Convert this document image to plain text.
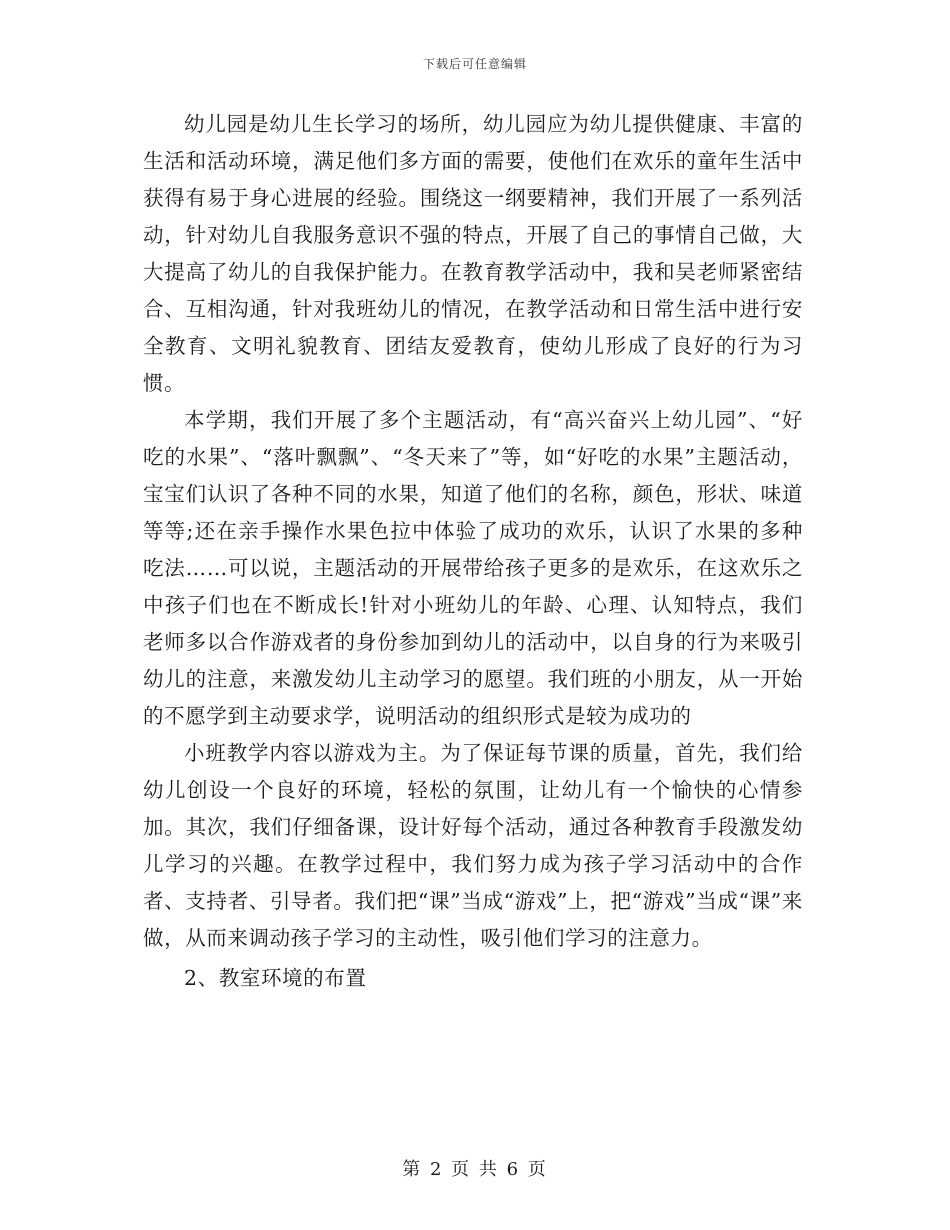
下载后可任意编辑

幼儿园是幼儿生长学习的场所，幼儿园应为幼儿提供健康、丰富的生活和活动环境，满足他们多方面的需要，使他们在欢乐的童年生活中获得有易于身心进展的经验。围绕这一纲要精神，我们开展了一系列活动，针对幼儿自我服务意识不强的特点，开展了自己的事情自己做，大大提高了幼儿的自我保护能力。在教育教学活动中，我和吴老师紧密结合、互相沟通，针对我班幼儿的情况，在教学活动和日常生活中进行安全教育、文明礼貌教育、团结友爱教育，使幼儿形成了良好的行为习惯。

本学期，我们开展了多个主题活动，有“高兴奋兴上幼儿园”、“好吃的水果”、“落叶飘飘”、“冬天来了”等，如“好吃的水果”主题活动，宝宝们认识了各种不同的水果，知道了他们的名称，颜色，形状、味道等等;还在亲手操作水果色拉中体验了成功的欢乐，认识了水果的多种吃法……可以说，主题活动的开展带给孩子更多的是欢乐，在这欢乐之中孩子们也在不断成长!针对小班幼儿的年龄、心理、认知特点，我们老师多以合作游戏者的身份参加到幼儿的活动中，以自身的行为来吸引幼儿的注意，来激发幼儿主动学习的愿望。我们班的小朋友，从一开始的不愿学到主动要求学，说明活动的组织形式是较为成功的

小班教学内容以游戏为主。为了保证每节课的质量，首先，我们给幼儿创设一个良好的环境，轻松的氛围，让幼儿有一个愉快的心情参加。其次，我们仔细备课，设计好每个活动，通过各种教育手段激发幼儿学习的兴趣。在教学过程中，我们努力成为孩子学习活动中的合作者、支持者、引导者。我们把“课”当成“游戏”上，把“游戏”当成“课”来做，从而来调动孩子学习的主动性，吸引他们学习的注意力。

2、教室环境的布置

第 2 页 共 6 页
